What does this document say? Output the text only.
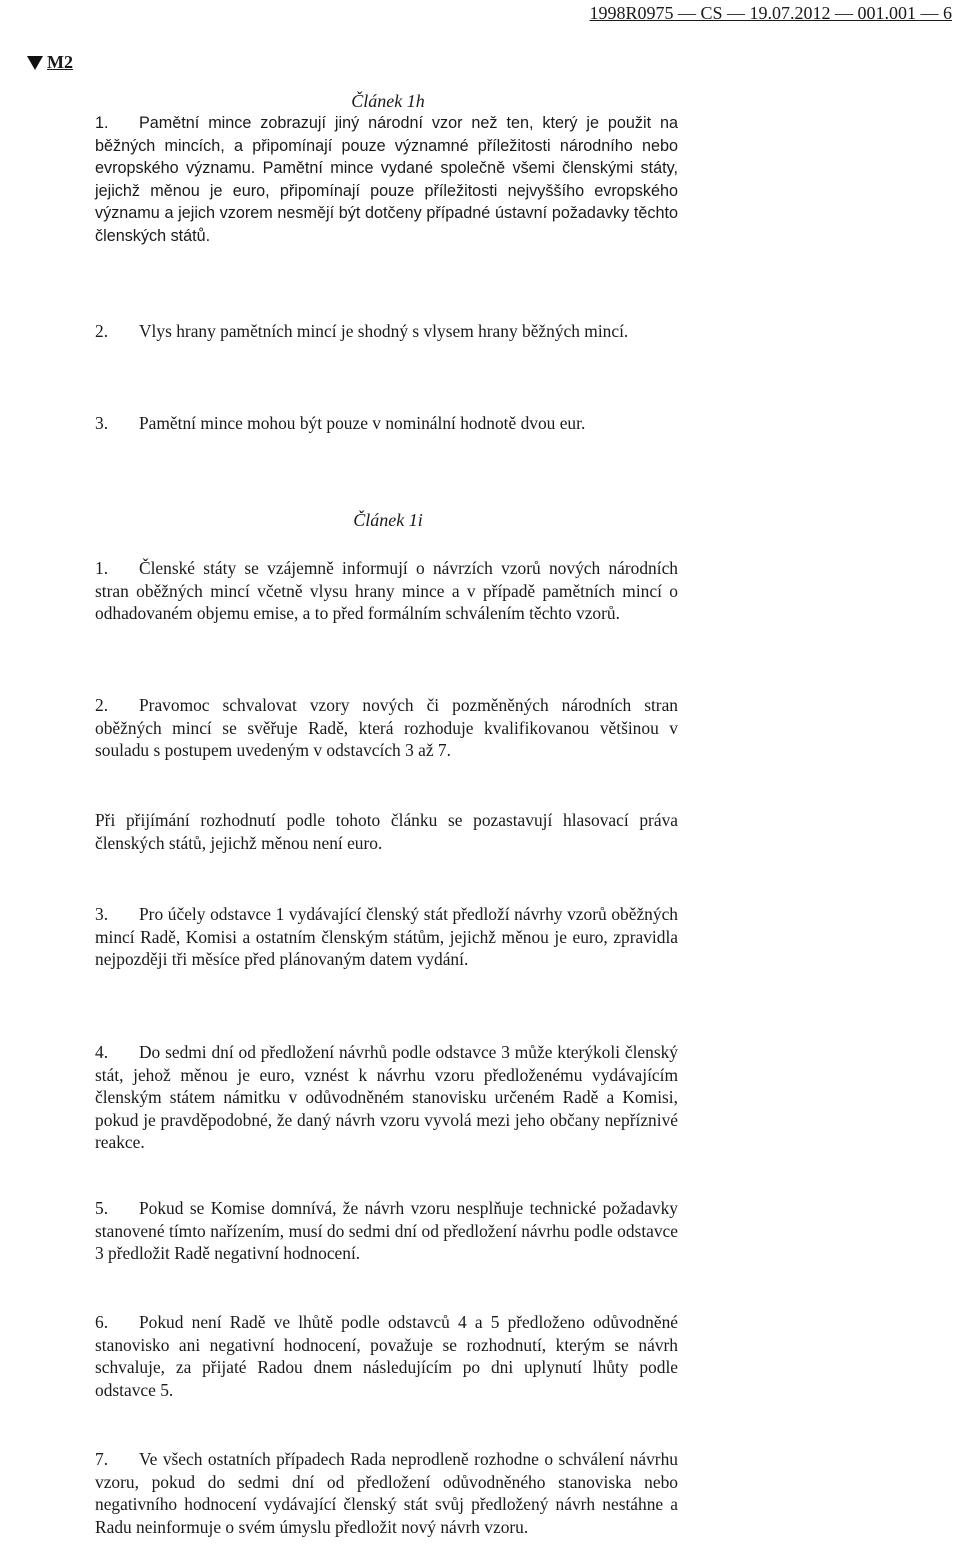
1998R0975 — CS — 19.07.2012 — 001.001 — 6
M2
Článek 1h

1. Pamětní mince zobrazují jiný národní vzor než ten, který je použit na běžných mincích, a připomínají pouze významné příležitosti národního nebo evropského významu. Pamětní mince vydané společně všemi členskými státy, jejichž měnou je euro, připomínají pouze příležitosti nejvyššího evropského významu a jejich vzorem nesmějí být dotčeny případné ústavní požadavky těchto členských států.

2. Vlys hrany pamětních mincí je shodný s vlysem hrany běžných mincí.

3. Pamětní mince mohou být pouze v nominální hodnotě dvou eur.

Článek 1i

1. Členské státy se vzájemně informují o návrzích vzorů nových národních stran oběžných mincí včetně vlysu hrany mince a v případě pamětních mincí o odhadovaném objemu emise, a to před formálním schválením těchto vzorů.

2. Pravomoc schvalovat vzory nových či pozměněných národních stran oběžných mincí se svěřuje Radě, která rozhoduje kvalifikovanou většinou v souladu s postupem uvedeným v odstavcích 3 až 7.

Při přijímání rozhodnutí podle tohoto článku se pozastavují hlasovací práva členských států, jejichž měnou není euro.

3. Pro účely odstavce 1 vydávající členský stát předloží návrhy vzorů oběžných mincí Radě, Komisi a ostatním členským státům, jejichž měnou je euro, zpravidla nejpozději tři měsíce před plánovaným datem vydání.

4. Do sedmi dní od předložení návrhů podle odstavce 3 může kterýkoli členský stát, jehož měnou je euro, vznést k návrhu vzoru předloženému vydávajícím členským státem námitku v odůvodněném stanovisku určeném Radě a Komisi, pokud je pravděpodobné, že daný návrh vzoru vyvolá mezi jeho občany nepříznivé reakce.

5. Pokud se Komise domnívá, že návrh vzoru nesplňuje technické požadavky stanovené tímto nařízením, musí do sedmi dní od předložení návrhu podle odstavce 3 předložit Radě negativní hodnocení.

6. Pokud není Radě ve lhůtě podle odstavců 4 a 5 předloženo odůvodněné stanovisko ani negativní hodnocení, považuje se rozhodnutí, kterým se návrh schvaluje, za přijaté Radou dnem následujícím po dni uplynutí lhůty podle odstavce 5.

7. Ve všech ostatních případech Rada neprodleně rozhodne o schválení návrhu vzoru, pokud do sedmi dní od předložení odůvodněného stanoviska nebo negativního hodnocení vydávající členský stát svůj předložený návrh nestáhne a Radu neinformuje o svém úmyslu předložit nový návrh vzoru.
